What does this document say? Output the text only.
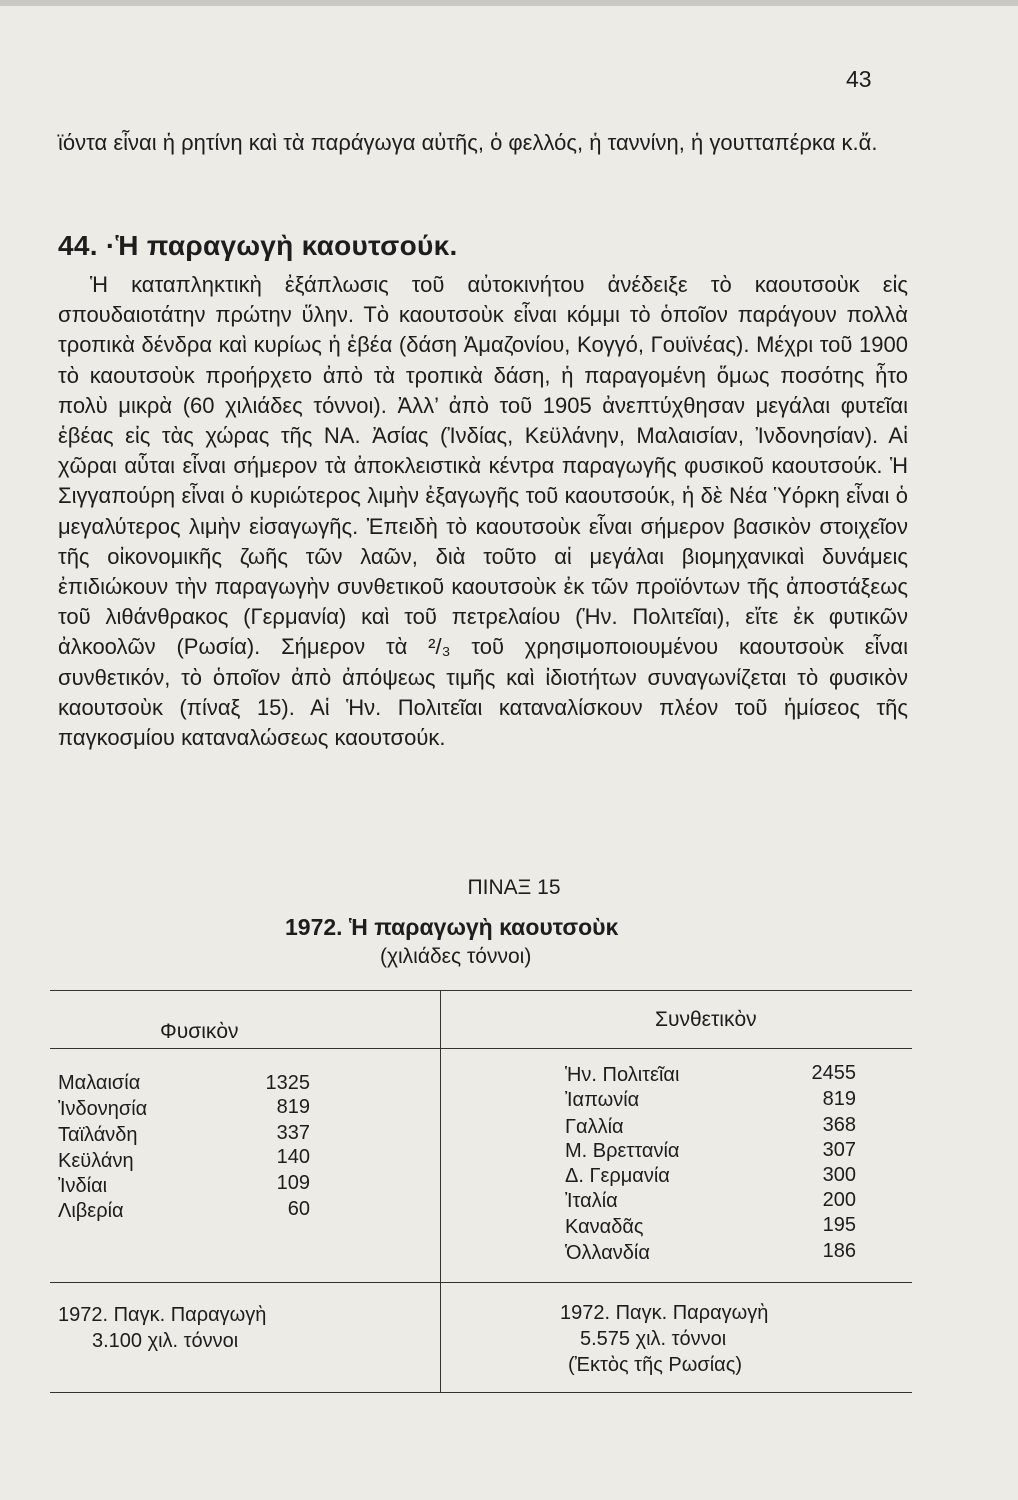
43
ϊόντα εἶναι ἡ ρητίνη καὶ τὰ παράγωγα αὐτῆς, ὁ φελλός, ἡ ταννίνη, ἡ γουτταπέρκα κ.ἄ.
44. ·Ἡ παραγωγὴ καουτσούκ.

Ἡ καταπληκτικὴ ἐξάπλωσις τοῦ αὐτοκινήτου ἀνέδειξε τὸ καουτσοὺκ εἰς σπουδαιοτάτην πρώτην ὕλην. Τὸ καουτσοὺκ εἶναι κόμμι τὸ ὁποῖον παράγουν πολλὰ τροπικὰ δένδρα καὶ κυρίως ἡ ἑβέα (δάση Ἀμαζονίου, Κογγό, Γουϊνέας). Μέχρι τοῦ 1900 τὸ καουτσοὺκ προήρχετο ἀπὸ τὰ τροπικὰ δάση, ἡ παραγομένη ὅμως ποσότης ἦτο πολὺ μικρὰ (60 χιλιάδες τόννοι). Ἀλλ’ ἀπὸ τοῦ 1905 ἀνεπτύχθησαν μεγάλαι φυτεῖαι ἑβέας εἰς τὰς χώρας τῆς ΝΑ. Ἀσίας (Ἰνδίας, Κεϋλάνην, Μαλαισίαν, Ἰνδονησίαν). Αἱ χῶραι αὗται εἶναι σήμερον τὰ ἀποκλειστικὰ κέντρα παραγωγῆς φυσικοῦ καουτσούκ. Ἡ Σιγγαπούρη εἶναι ὁ κυριώτερος λιμὴν ἐξαγωγῆς τοῦ καουτσούκ, ἡ δὲ Νέα Ὑόρκη εἶναι ὁ μεγαλύτερος λιμὴν εἰσαγωγῆς. Ἐπειδὴ τὸ καουτσοὺκ εἶναι σήμερον βασικὸν στοιχεῖον τῆς οἰκονομικῆς ζωῆς τῶν λαῶν, διὰ τοῦτο αἱ μεγάλαι βιομηχανικαὶ δυνάμεις ἐπιδιώκουν τὴν παραγωγὴν συνθετικοῦ καουτσοὺκ ἐκ τῶν προϊόντων τῆς ἀποστάξεως τοῦ λιθάνθρακος (Γερμανία) καὶ τοῦ πετρελαίου (Ἡν. Πολιτεῖαι), εἴτε ἐκ φυτικῶν ἀλκοολῶν (Ρωσία). Σήμερον τὰ ²/₃ τοῦ χρησιμοποιουμένου καουτσοὺκ εἶναι συνθετικόν, τὸ ὁποῖον ἀπὸ ἀπόψεως τιμῆς καὶ ἰδιοτήτων συναγωνίζεται τὸ φυσικὸν καουτσοὺκ (πίναξ 15). Αἱ Ἡν. Πολιτεῖαι καταναλίσκουν πλέον τοῦ ἡμίσεος τῆς παγκοσμίου καταναλώσεως καουτσούκ.

ΠΙΝΑΞ 15
1972. Ἡ παραγωγὴ καουτσοὺκ
(χιλιάδες τόννοι)
Φυσικὸν
Συνθετικὸν
Μαλαισία	1325
Ἰνδονησία	819
Ταϊλάνδη	337
Κεϋλάνη	140
Ἰνδίαι	109
Λιβερία	60
Ἡν. Πολιτεῖαι	2455
Ἰαπωνία	819
Γαλλία	368
Μ. Βρεττανία	307
Δ. Γερμανία	300
Ἰταλία	200
Καναδᾶς	195
Ὁλλανδία	186
1972. Παγκ. Παραγωγὴ
3.100 χιλ. τόννοι
1972. Παγκ. Παραγωγὴ
5.575 χιλ. τόννοι
(Ἐκτὸς τῆς Ρωσίας)
